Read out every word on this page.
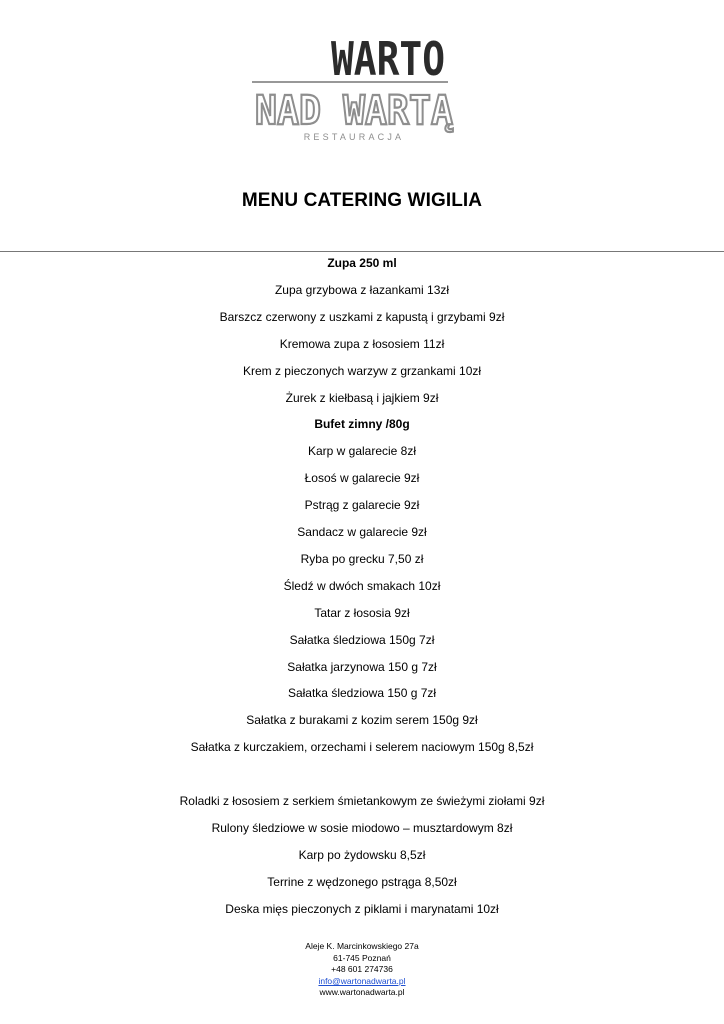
WARTO
NAD WARTĄ
RESTAURACJA
MENU CATERING WIGILIA
Zupa 250 ml
Zupa grzybowa z łazankami 13zł
Barszcz czerwony z uszkami z kapustą i grzybami 9zł
Kremowa zupa z łososiem 11zł
Krem z pieczonych warzyw z grzankami 10zł
Żurek z kiełbasą i jajkiem 9zł
Bufet zimny /80g
Karp w galarecie 8zł
Łosoś w galarecie 9zł
Pstrąg z galarecie 9zł
Sandacz w galarecie 9zł
Ryba po grecku 7,50 zł
Śledź w dwóch smakach 10zł
Tatar z łososia 9zł
Sałatka śledziowa 150g 7zł
Sałatka jarzynowa 150 g 7zł
Sałatka śledziowa 150 g 7zł
Sałatka z burakami z kozim serem 150g 9zł
Sałatka z kurczakiem, orzechami i selerem naciowym 150g 8,5zł
Roladki z łososiem z serkiem śmietankowym ze świeżymi ziołami 9zł
Rulony śledziowe w sosie miodowo – musztardowym 8zł
Karp po żydowsku 8,5zł
Terrine z wędzonego pstrąga 8,50zł
Deska mięs pieczonych z piklami i marynatami 10zł
Aleje K. Marcinkowskiego 27a
61-745 Poznań
+48 601 274736
info@wartonadwarta.pl
www.wartonadwarta.pl
